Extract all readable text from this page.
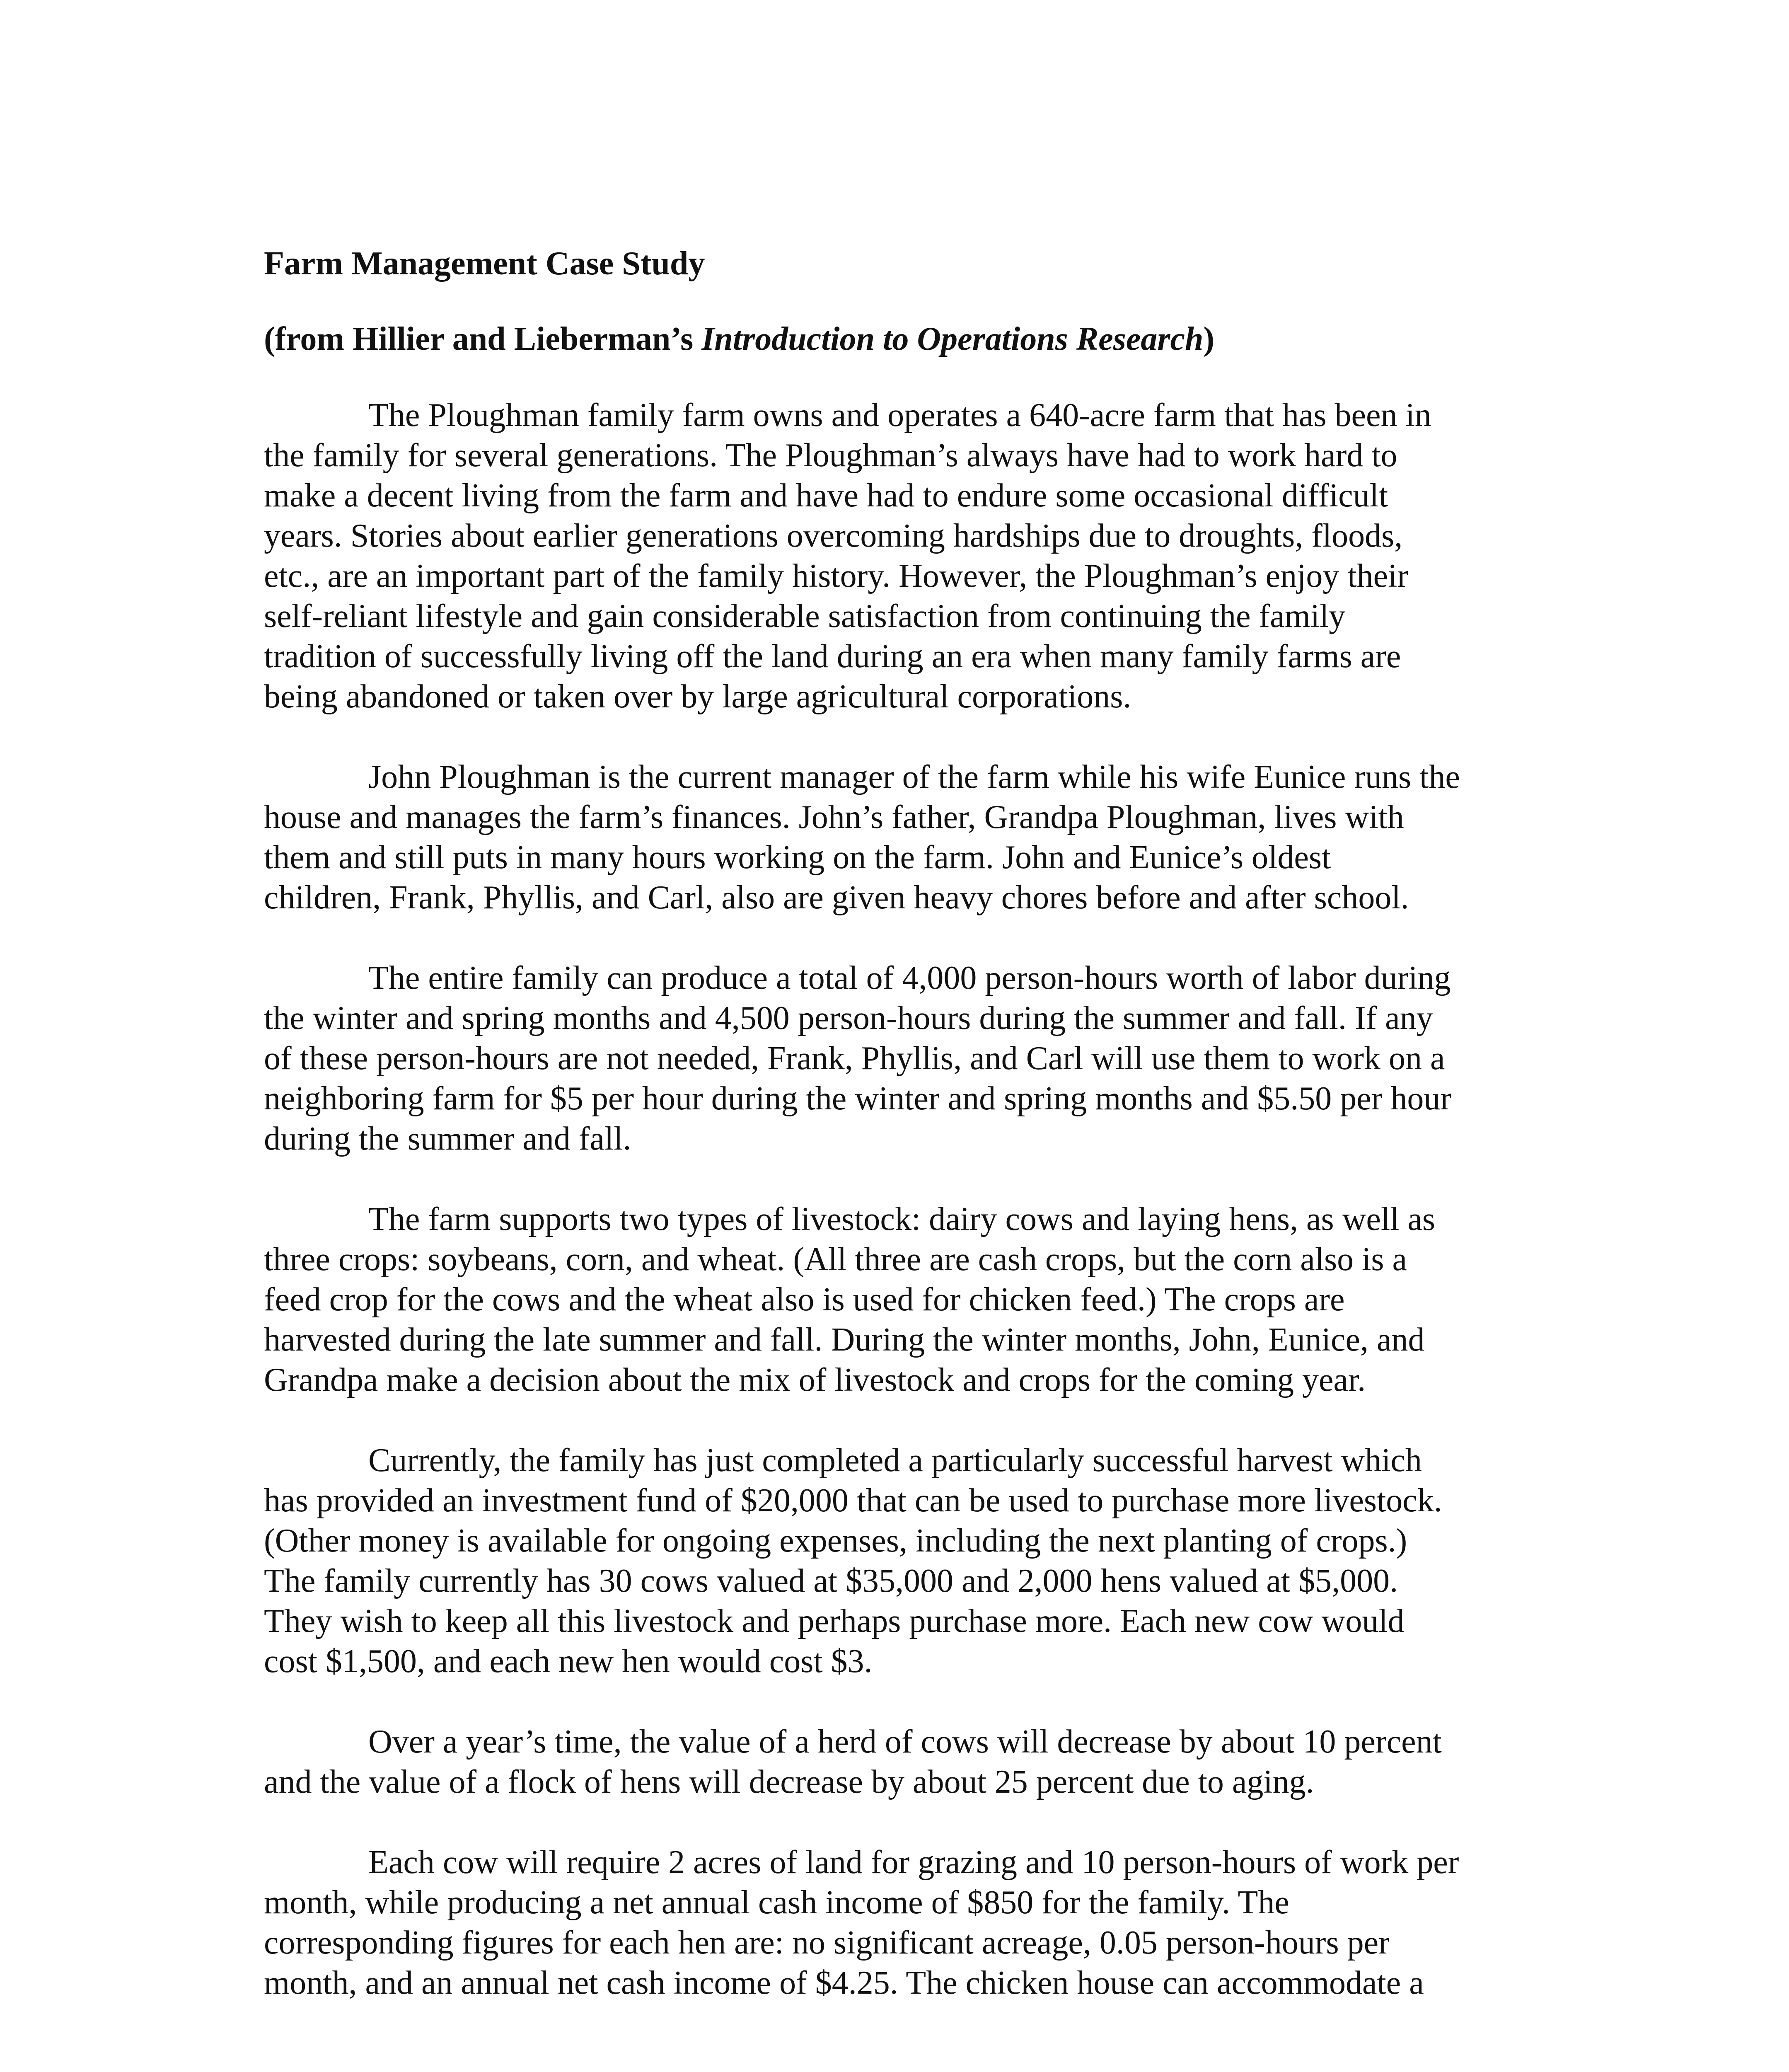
Farm Management Case Study

(from Hillier and Lieberman’s Introduction to Operations Research)

The Ploughman family farm owns and operates a 640-acre farm that has been in
the family for several generations. The Ploughman’s always have had to work hard to
make a decent living from the farm and have had to endure some occasional difficult
years. Stories about earlier generations overcoming hardships due to droughts, floods,
etc., are an important part of the family history. However, the Ploughman’s enjoy their
self-reliant lifestyle and gain considerable satisfaction from continuing the family
tradition of successfully living off the land during an era when many family farms are
being abandoned or taken over by large agricultural corporations.

John Ploughman is the current manager of the farm while his wife Eunice runs the
house and manages the farm’s finances. John’s father, Grandpa Ploughman, lives with
them and still puts in many hours working on the farm. John and Eunice’s oldest
children, Frank, Phyllis, and Carl, also are given heavy chores before and after school.

The entire family can produce a total of 4,000 person-hours worth of labor during
the winter and spring months and 4,500 person-hours during the summer and fall. If any
of these person-hours are not needed, Frank, Phyllis, and Carl will use them to work on a
neighboring farm for $5 per hour during the winter and spring months and $5.50 per hour
during the summer and fall.

The farm supports two types of livestock: dairy cows and laying hens, as well as
three crops: soybeans, corn, and wheat. (All three are cash crops, but the corn also is a
feed crop for the cows and the wheat also is used for chicken feed.) The crops are
harvested during the late summer and fall. During the winter months, John, Eunice, and
Grandpa make a decision about the mix of livestock and crops for the coming year.

Currently, the family has just completed a particularly successful harvest which
has provided an investment fund of $20,000 that can be used to purchase more livestock.
(Other money is available for ongoing expenses, including the next planting of crops.)
The family currently has 30 cows valued at $35,000 and 2,000 hens valued at $5,000.
They wish to keep all this livestock and perhaps purchase more. Each new cow would
cost $1,500, and each new hen would cost $3.

Over a year’s time, the value of a herd of cows will decrease by about 10 percent
and the value of a flock of hens will decrease by about 25 percent due to aging.

Each cow will require 2 acres of land for grazing and 10 person-hours of work per
month, while producing a net annual cash income of $850 for the family. The
corresponding figures for each hen are: no significant acreage, 0.05 person-hours per
month, and an annual net cash income of $4.25. The chicken house can accommodate a
